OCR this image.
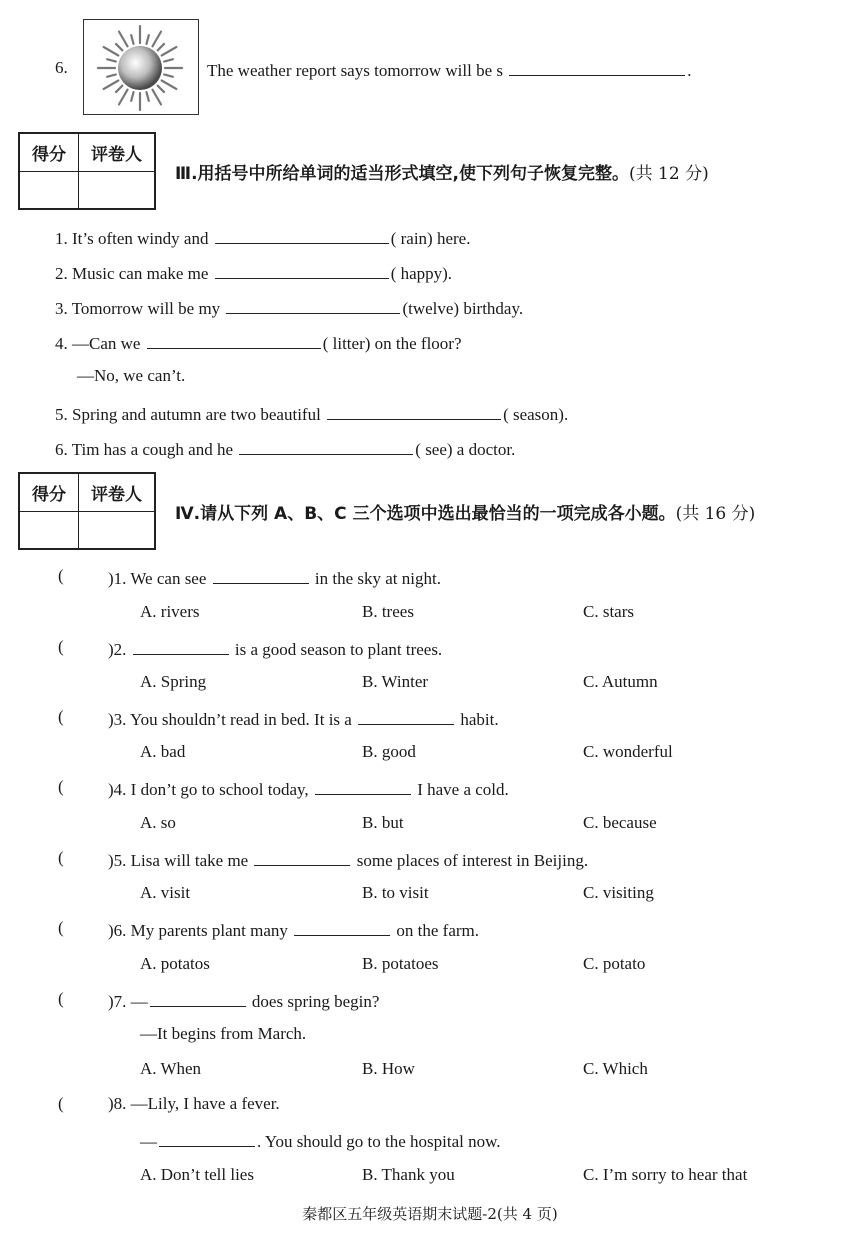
6.	The weather report says tomorrow will be s	.
得分	评卷人

Ⅲ.用括号中所给单词的适当形式填空,使下列句子恢复完整。(共 12 分)
1. It’s often windy and	( rain) here.
2. Music can make me	( happy).
3. Tomorrow will be my	(twelve) birthday.
4. —Can we	( litter) on the floor?
—No, we can’t.
5. Spring and autumn are two beautiful	( season).
6. Tim has a cough and he	( see) a doctor.
得分	评卷人

Ⅳ.请从下列 A、B、C 三个选项中选出最恰当的一项完成各小题。(共 16 分)
(	)1. We can see	in the sky at night.
A. rivers	B. trees	C. stars
(	)2.	is a good season to plant trees.
A. Spring	B. Winter	C. Autumn
(	)3. You shouldn’t read in bed. It is a	habit.
A. bad	B. good	C. wonderful
(	)4. I don’t go to school today,	I have a cold.
A. so	B. but	C. because
(	)5. Lisa will take me	some places of interest in Beijing.
A. visit	B. to visit	C. visiting
(	)6. My parents plant many	on the farm.
A. potatos	B. potatoes	C. potato
(	)7. —	does spring begin?
—It begins from March.
A. When	B. How	C. Which
(	)8. —Lily, I have a fever.
—	. You should go to the hospital now.
A. Don’t tell lies	B. Thank you	C. I’m sorry to hear that
秦都区五年级英语期末试题-2(共 4 页)
